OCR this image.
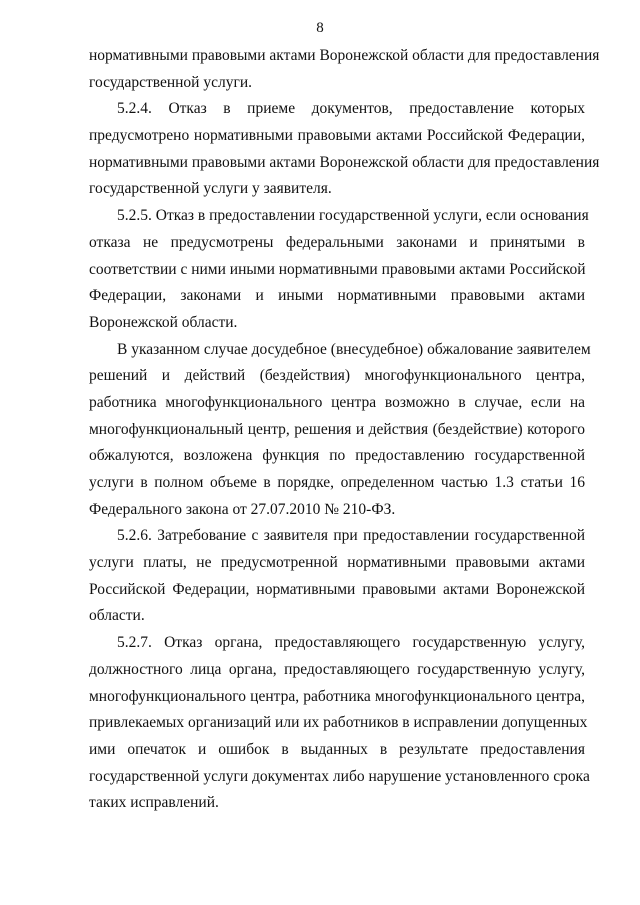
8
нормативными правовыми актами Воронежской области для предоставления
государственной услуги.
5.2.4. Отказ в приеме документов, предоставление которых
предусмотрено нормативными правовыми актами Российской Федерации,
нормативными правовыми актами Воронежской области для предоставления
государственной услуги у заявителя.
5.2.5. Отказ в предоставлении государственной услуги, если основания
отказа не предусмотрены федеральными законами и принятыми в
соответствии с ними иными нормативными правовыми актами Российской
Федерации, законами и иными нормативными правовыми актами
Воронежской области.
В указанном случае досудебное (внесудебное) обжалование заявителем
решений и действий (бездействия) многофункционального центра,
работника многофункционального центра возможно в случае, если на
многофункциональный центр, решения и действия (бездействие) которого
обжалуются, возложена функция по предоставлению государственной
услуги в полном объеме в порядке, определенном частью 1.3 статьи 16
Федерального закона от 27.07.2010 № 210-ФЗ.
5.2.6. Затребование с заявителя при предоставлении государственной
услуги платы, не предусмотренной нормативными правовыми актами
Российской Федерации, нормативными правовыми актами Воронежской
области.
5.2.7. Отказ органа, предоставляющего государственную услугу,
должностного лица органа, предоставляющего государственную услугу,
многофункционального центра, работника многофункционального центра,
привлекаемых организаций или их работников в исправлении допущенных
ими опечаток и ошибок в выданных в результате предоставления
государственной услуги документах либо нарушение установленного срока
таких исправлений.
